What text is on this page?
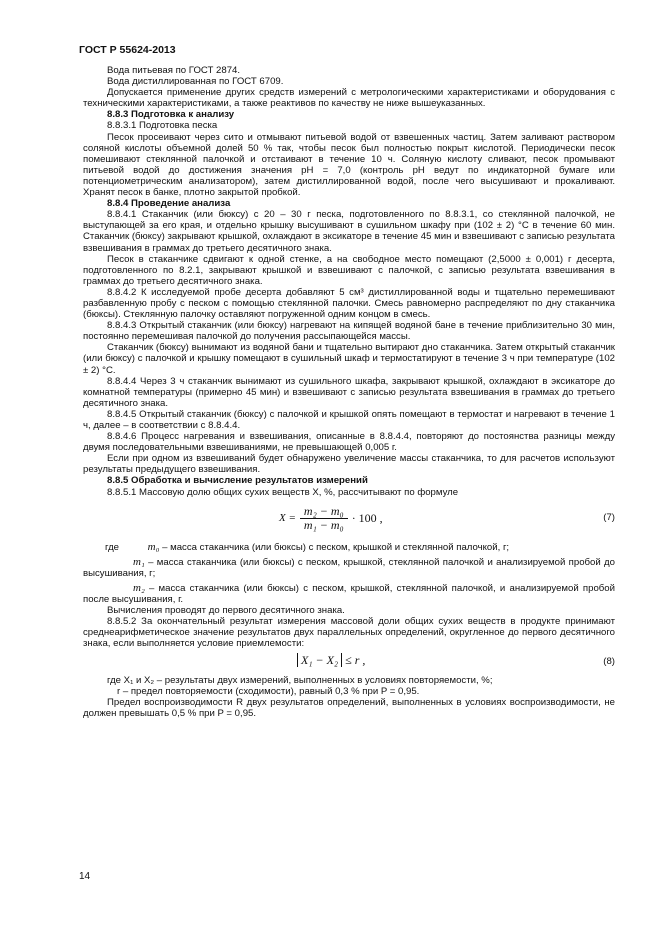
ГОСТ Р 55624-2013

Вода питьевая по ГОСТ 2874.

Вода дистиллированная по ГОСТ 6709.

Допускается применение других средств измерений с метрологическими характеристиками и оборудования с техническими характеристиками, а также реактивов по качеству не ниже вышеуказанных.

8.8.3 Подготовка к анализу

8.8.3.1 Подготовка песка

Песок просеивают через сито и отмывают питьевой водой от взвешенных частиц. Затем заливают раствором соляной кислоты объемной долей 50 % так, чтобы песок был полностью покрыт кислотой. Периодически песок помешивают стеклянной палочкой и отстаивают в течение 10 ч. Соляную кислоту сливают, песок промывают питьевой водой до достижения значения pH = 7,0 (контроль pH ведут по индикаторной бумаге или потенциометрическим анализатором), затем дистиллированной водой, после чего высушивают и прокаливают. Хранят песок в банке, плотно закрытой пробкой.

8.8.4 Проведение анализа

8.8.4.1 Стаканчик (или бюксу) с 20 – 30 г песка, подготовленного по 8.8.3.1, со стеклянной палочкой, не выступающей за его края, и отдельно крышку высушивают в сушильном шкафу при (102 ± 2) °C в течение 60 мин. Стаканчик (бюксу) закрывают крышкой, охлаждают в эксикаторе в течение 45 мин и взвешивают с записью результата взвешивания в граммах до третьего десятичного знака.

Песок в стаканчике сдвигают к одной стенке, а на свободное место помещают (2,5000 ± 0,001) г десерта, подготовленного по 8.2.1, закрывают крышкой и взвешивают с палочкой, с записью результата взвешивания в граммах до третьего десятичного знака.

8.8.4.2 К исследуемой пробе десерта добавляют 5 см³ дистиллированной воды и тщательно перемешивают разбавленную пробу с песком с помощью стеклянной палочки. Смесь равномерно распределяют по дну стаканчика (бюксы). Стеклянную палочку оставляют погруженной одним концом в смесь.

8.8.4.3 Открытый стаканчик (или бюксу) нагревают на кипящей водяной бане в течение приблизительно 30 мин, постоянно перемешивая палочкой до получения рассыпающейся массы.

Стаканчик (бюксу) вынимают из водяной бани и тщательно вытирают дно стаканчика. Затем открытый стаканчик (или бюксу) с палочкой и крышку помещают в сушильный шкаф и термостатируют в течение 3 ч при температуре (102 ± 2) °C.

8.8.4.4 Через 3 ч стаканчик вынимают из сушильного шкафа, закрывают крышкой, охлаждают в эксикаторе до комнатной температуры (примерно 45 мин) и взвешивают с записью результата взвешивания в граммах до третьего десятичного знака.

8.8.4.5 Открытый стаканчик (бюксу) с палочкой и крышкой опять помещают в термостат и нагревают в течение 1 ч, далее – в соответствии с 8.8.4.4.

8.8.4.6 Процесс нагревания и взвешивания, описанные в 8.8.4.4, повторяют до постоянства разницы между двумя последовательными взвешиваниями, не превышающей 0,005 г.

Если при одном из взвешиваний будет обнаружено увеличение массы стаканчика, то для расчетов используют результаты предыдущего взвешивания.

8.8.5 Обработка и вычисление результатов измерений

8.8.5.1 Массовую долю общих сухих веществ X, %, рассчитывают по формуле

$X = \frac{\text{m₂ − m₀}}{\text{m₁ − m₀}} \cdot 100$ ,	(7)

где	m₀ – масса стаканчика (или бюксы) с песком, крышкой и стеклянной палочкой, г;

m₁ – масса стаканчика (или бюксы) с песком, крышкой, стеклянной палочкой и анализируемой пробой до высушивания, г;

m₂ – масса стаканчика (или бюксы) с песком, крышкой, стеклянной палочкой, и анализируемой пробой после высушивания, г.

Вычисления проводят до первого десятичного знака.

8.8.5.2 За окончательный результат измерения массовой доли общих сухих веществ в продукте принимают среднеарифметическое значение результатов двух параллельных определений, округленное до первого десятичного знака, если выполняется условие приемлемости:

X₁ − X₂ ≤ r ,	(8)

где X₁ и X₂ – результаты двух измерений, выполненных в условиях повторяемости, %;

r – предел повторяемости (сходимости), равный 0,3 % при P = 0,95.

Предел воспроизводимости R двух результатов определений, выполненных в условиях воспроизводимости, не должен превышать 0,5 % при P = 0,95.

14
